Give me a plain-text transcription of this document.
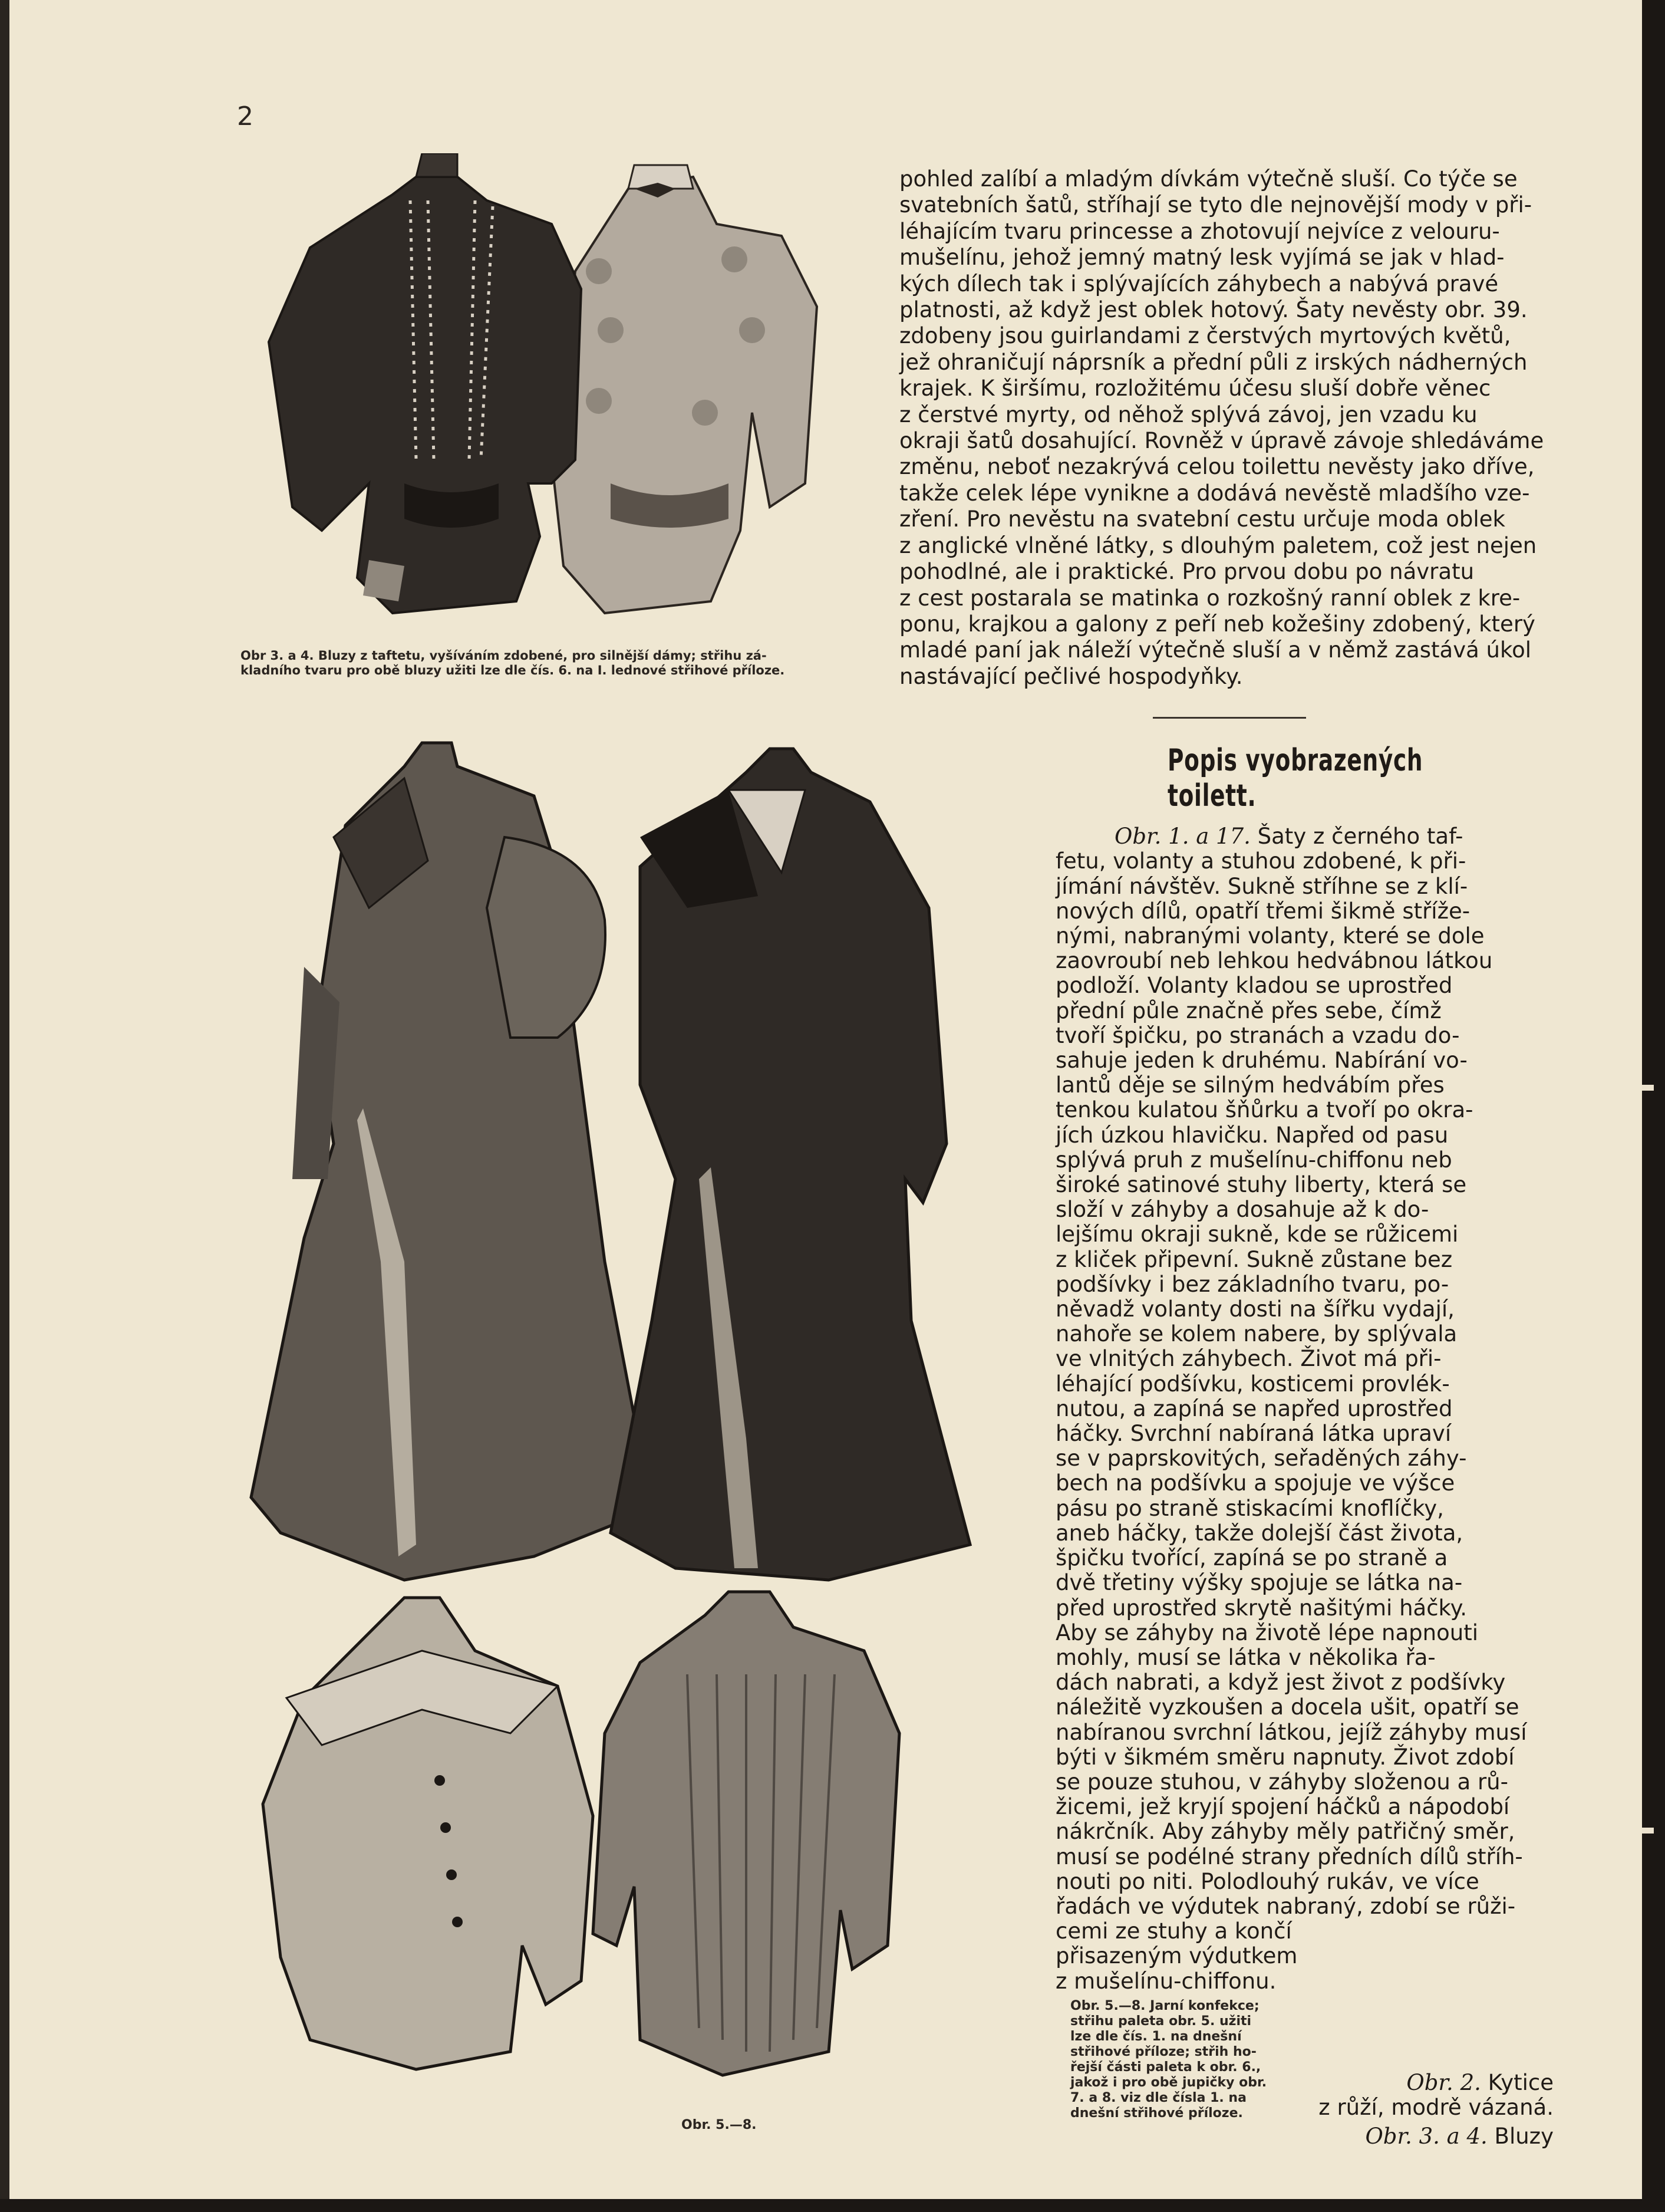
2
Obr 3. a 4. Bluzy z taftetu, vyšíváním zdobené, pro silnější dámy; střihu zá-
kladního tvaru pro obě bluzy užiti lze dle čís. 6. na I. lednové střihové příloze.
pohled zalíbí a mladým dívkám výtečně sluší. Co týče se
svatebních šatů, stříhají se tyto dle nejnovější mody v při-
léhajícím tvaru princesse a zhotovují nejvíce z velouru-
mušelínu, jehož jemný matný lesk vyjímá se jak v hlad-
kých dílech tak i splývajících záhybech a nabývá pravé
platnosti, až když jest oblek hotový. Šaty nevěsty obr. 39.
zdobeny jsou guirlandami z čerstvých myrtových květů,
jež ohraničují náprsník a přední půli z irských nádherných
krajek. K širšímu, rozložitému účesu sluší dobře věnec
z čerstvé myrty, od něhož splývá závoj, jen vzadu ku
okraji šatů dosahující. Rovněž v úpravě závoje shledáváme
změnu, neboť nezakrývá celou toilettu nevěsty jako dříve,
takže celek lépe vynikne a dodává nevěstě mladšího vze-
zření. Pro nevěstu na svatební cestu určuje moda oblek
z anglické vlněné látky, s dlouhým paletem, což jest nejen
pohodlné, ale i praktické. Pro prvou dobu po návratu
z cest postarala se matinka o rozkošný ranní oblek z kre-
ponu, krajkou a galony z peří neb kožešiny zdobený, který
mladé paní jak náleží výtečně sluší a v němž zastává úkol
nastávající pečlivé hospodyňky.
Popis vyobrazených toilett.

Obr. 1. a 17. Šaty z černého taf-
fetu, volanty a stuhou zdobené, k při-
jímání návštěv. Sukně stříhne se z klí-
nových dílů, opatří třemi šikmě stříže-
nými, nabranými volanty, které se dole
zaovroubí neb lehkou hedvábnou látkou
podloží. Volanty kladou se uprostřed
přední půle značně přes sebe, čímž
tvoří špičku, po stranách a vzadu do-
sahuje jeden k druhému. Nabírání vo-
lantů děje se silným hedvábím přes
tenkou kulatou šňůrku a tvoří po okra-
jích úzkou hlavičku. Napřed od pasu
splývá pruh z mušelínu-chiffonu neb
široké satinové stuhy liberty, která se
složí v záhyby a dosahuje až k do-
lejšímu okraji sukně, kde se růžicemi
z kliček připevní. Sukně zůstane bez
podšívky i bez základního tvaru, po-
něvadž volanty dosti na šířku vydají,
nahoře se kolem nabere, by splývala
ve vlnitých záhybech. Život má při-
léhající podšívku, kosticemi provlék-
nutou, a zapíná se napřed uprostřed
háčky. Svrchní nabíraná látka upraví
se v paprskovitých, seřaděných záhy-
bech na podšívku a spojuje ve výšce
pásu po straně stiskacími knoflíčky,
aneb háčky, takže dolejší část života,
špičku tvořící, zapíná se po straně a
dvě třetiny výšky spojuje se látka na-
před uprostřed skrytě našitými háčky.
Aby se záhyby na životě lépe napnouti
mohly, musí se látka v několika řa-
dách nabrati, a když jest život z podšívky
náležitě vyzkoušen a docela ušit, opatří se
nabíranou svrchní látkou, jejíž záhyby musí
býti v šikmém směru napnuty. Život zdobí
se pouze stuhou, v záhyby složenou a rů-
žicemi, jež kryjí spojení háčků a nápodobí
nákrčník. Aby záhyby měly patřičný směr,
musí se podélné strany předních dílů stříh-
nouti po niti. Polodlouhý rukáv, ve více
řadách ve výdutek nabraný, zdobí se růži-
cemi ze stuhy a končí
přisazeným výdutkem
z mušelínu-chiffonu.

Obr. 2. Kytice
z růží, modrě vázaná.

Obr. 3. a 4. Bluzy

Obr. 5.—8. Jarní konfekce;
střihu paleta obr. 5. užiti
lze dle čís. 1. na dnešní
střihové příloze; střih ho-
řejší části paleta k obr. 6.,
jakož i pro obě jupičky obr.
7. a 8. viz dle čísla 1. na
dnešní střihové příloze.
Obr. 5.—8.
